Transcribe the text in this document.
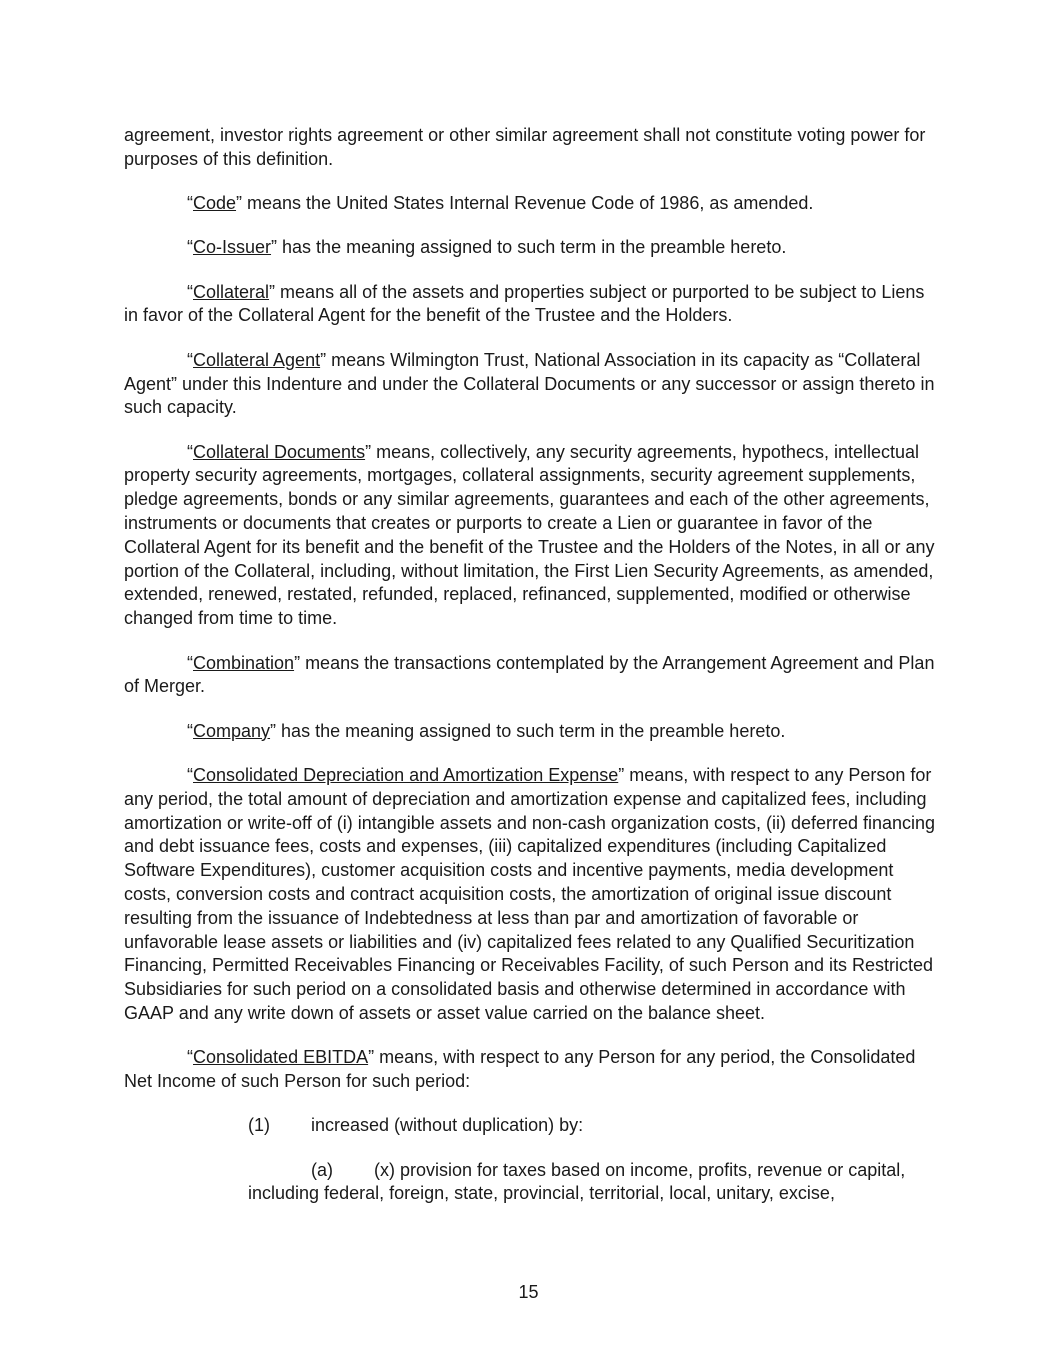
agreement, investor rights agreement or other similar agreement shall not constitute voting power for purposes of this definition.

“Code” means the United States Internal Revenue Code of 1986, as amended.

“Co-Issuer” has the meaning assigned to such term in the preamble hereto.

“Collateral” means all of the assets and properties subject or purported to be subject to Liens in favor of the Collateral Agent for the benefit of the Trustee and the Holders.

“Collateral Agent” means Wilmington Trust, National Association in its capacity as “Collateral Agent” under this Indenture and under the Collateral Documents or any successor or assign thereto in such capacity.

“Collateral Documents” means, collectively, any security agreements, hypothecs, intellectual property security agreements, mortgages, collateral assignments, security agreement supplements, pledge agreements, bonds or any similar agreements, guarantees and each of the other agreements, instruments or documents that creates or purports to create a Lien or guarantee in favor of the Collateral Agent for its benefit and the benefit of the Trustee and the Holders of the Notes, in all or any portion of the Collateral, including, without limitation, the First Lien Security Agreements, as amended, extended, renewed, restated, refunded, replaced, refinanced, supplemented, modified or otherwise changed from time to time.

“Combination” means the transactions contemplated by the Arrangement Agreement and Plan of Merger.

“Company” has the meaning assigned to such term in the preamble hereto.

“Consolidated Depreciation and Amortization Expense” means, with respect to any Person for any period, the total amount of depreciation and amortization expense and capitalized fees, including amortization or write-off of (i) intangible assets and non-cash organization costs, (ii) deferred financing and debt issuance fees, costs and expenses, (iii) capitalized expenditures (including Capitalized Software Expenditures), customer acquisition costs and incentive payments, media development costs, conversion costs and contract acquisition costs, the amortization of original issue discount resulting from the issuance of Indebtedness at less than par and amortization of favorable or unfavorable lease assets or liabilities and (iv) capitalized fees related to any Qualified Securitization Financing, Permitted Receivables Financing or Receivables Facility, of such Person and its Restricted Subsidiaries for such period on a consolidated basis and otherwise determined in accordance with GAAP and any write down of assets or asset value carried on the balance sheet.

“Consolidated EBITDA” means, with respect to any Person for any period, the Consolidated Net Income of such Person for such period:

(1)	increased (without duplication) by:

(a) (x) provision for taxes based on income, profits, revenue or capital, including federal, foreign, state, provincial, territorial, local, unitary, excise,

15
